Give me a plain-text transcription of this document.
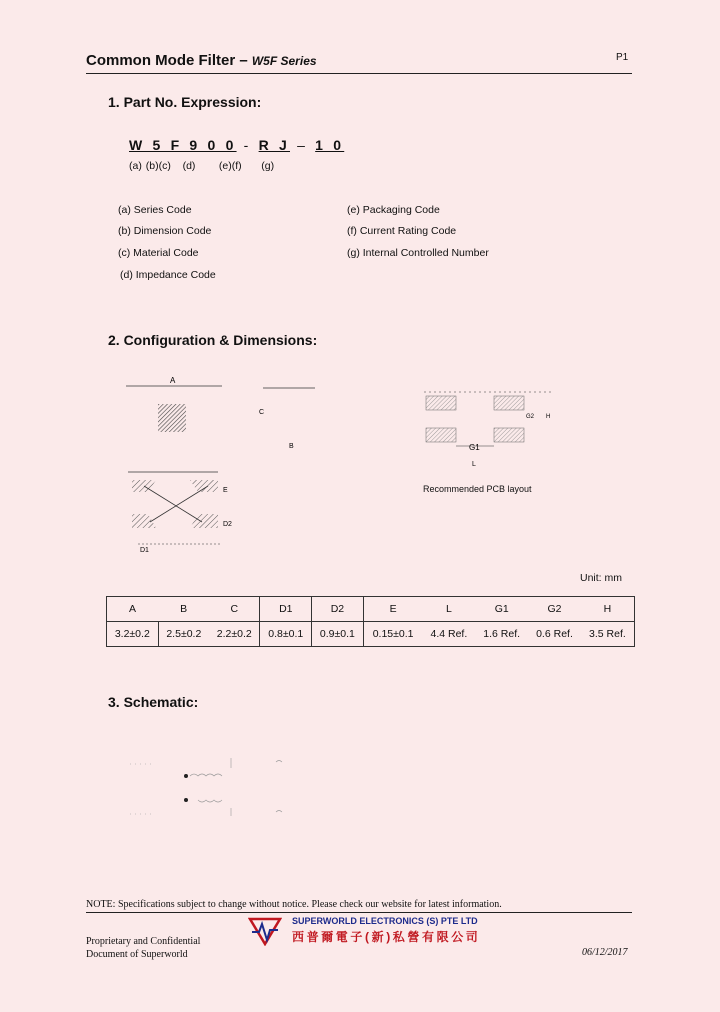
Common Mode Filter – W5F Series	P1
1. Part No. Expression:
W 5 F 9 0 0 - R J – 1 0
(a) (b)(c)   (d)      (e)(f)     (g)
(a) Series Code
(b) Dimension Code
(c) Material Code
(d) Impedance Code
(e) Packaging Code
(f) Current Rating Code
(g) Internal Controlled Number
2. Configuration & Dimensions:
A
C
B
E
D2
D1
G1
L
G2 H
Recommended PCB layout
Unit: mm
A	B	C	D1	D2	E	L	G1	G2	H
3.2±0.2	2.5±0.2	2.2±0.2	0.8±0.1	0.9±0.1	0.15±0.1	4.4 Ref.	1.6 Ref.	0.6 Ref.	3.5 Ref.
3. Schematic:
NOTE: Specifications subject to change without notice. Please check our website for latest information.
SUPERWORLD ELECTRONICS (S) PTE LTD
西普爾電子(新)私營有限公司
Proprietary and Confidential
Document of Superworld	06/12/2017
